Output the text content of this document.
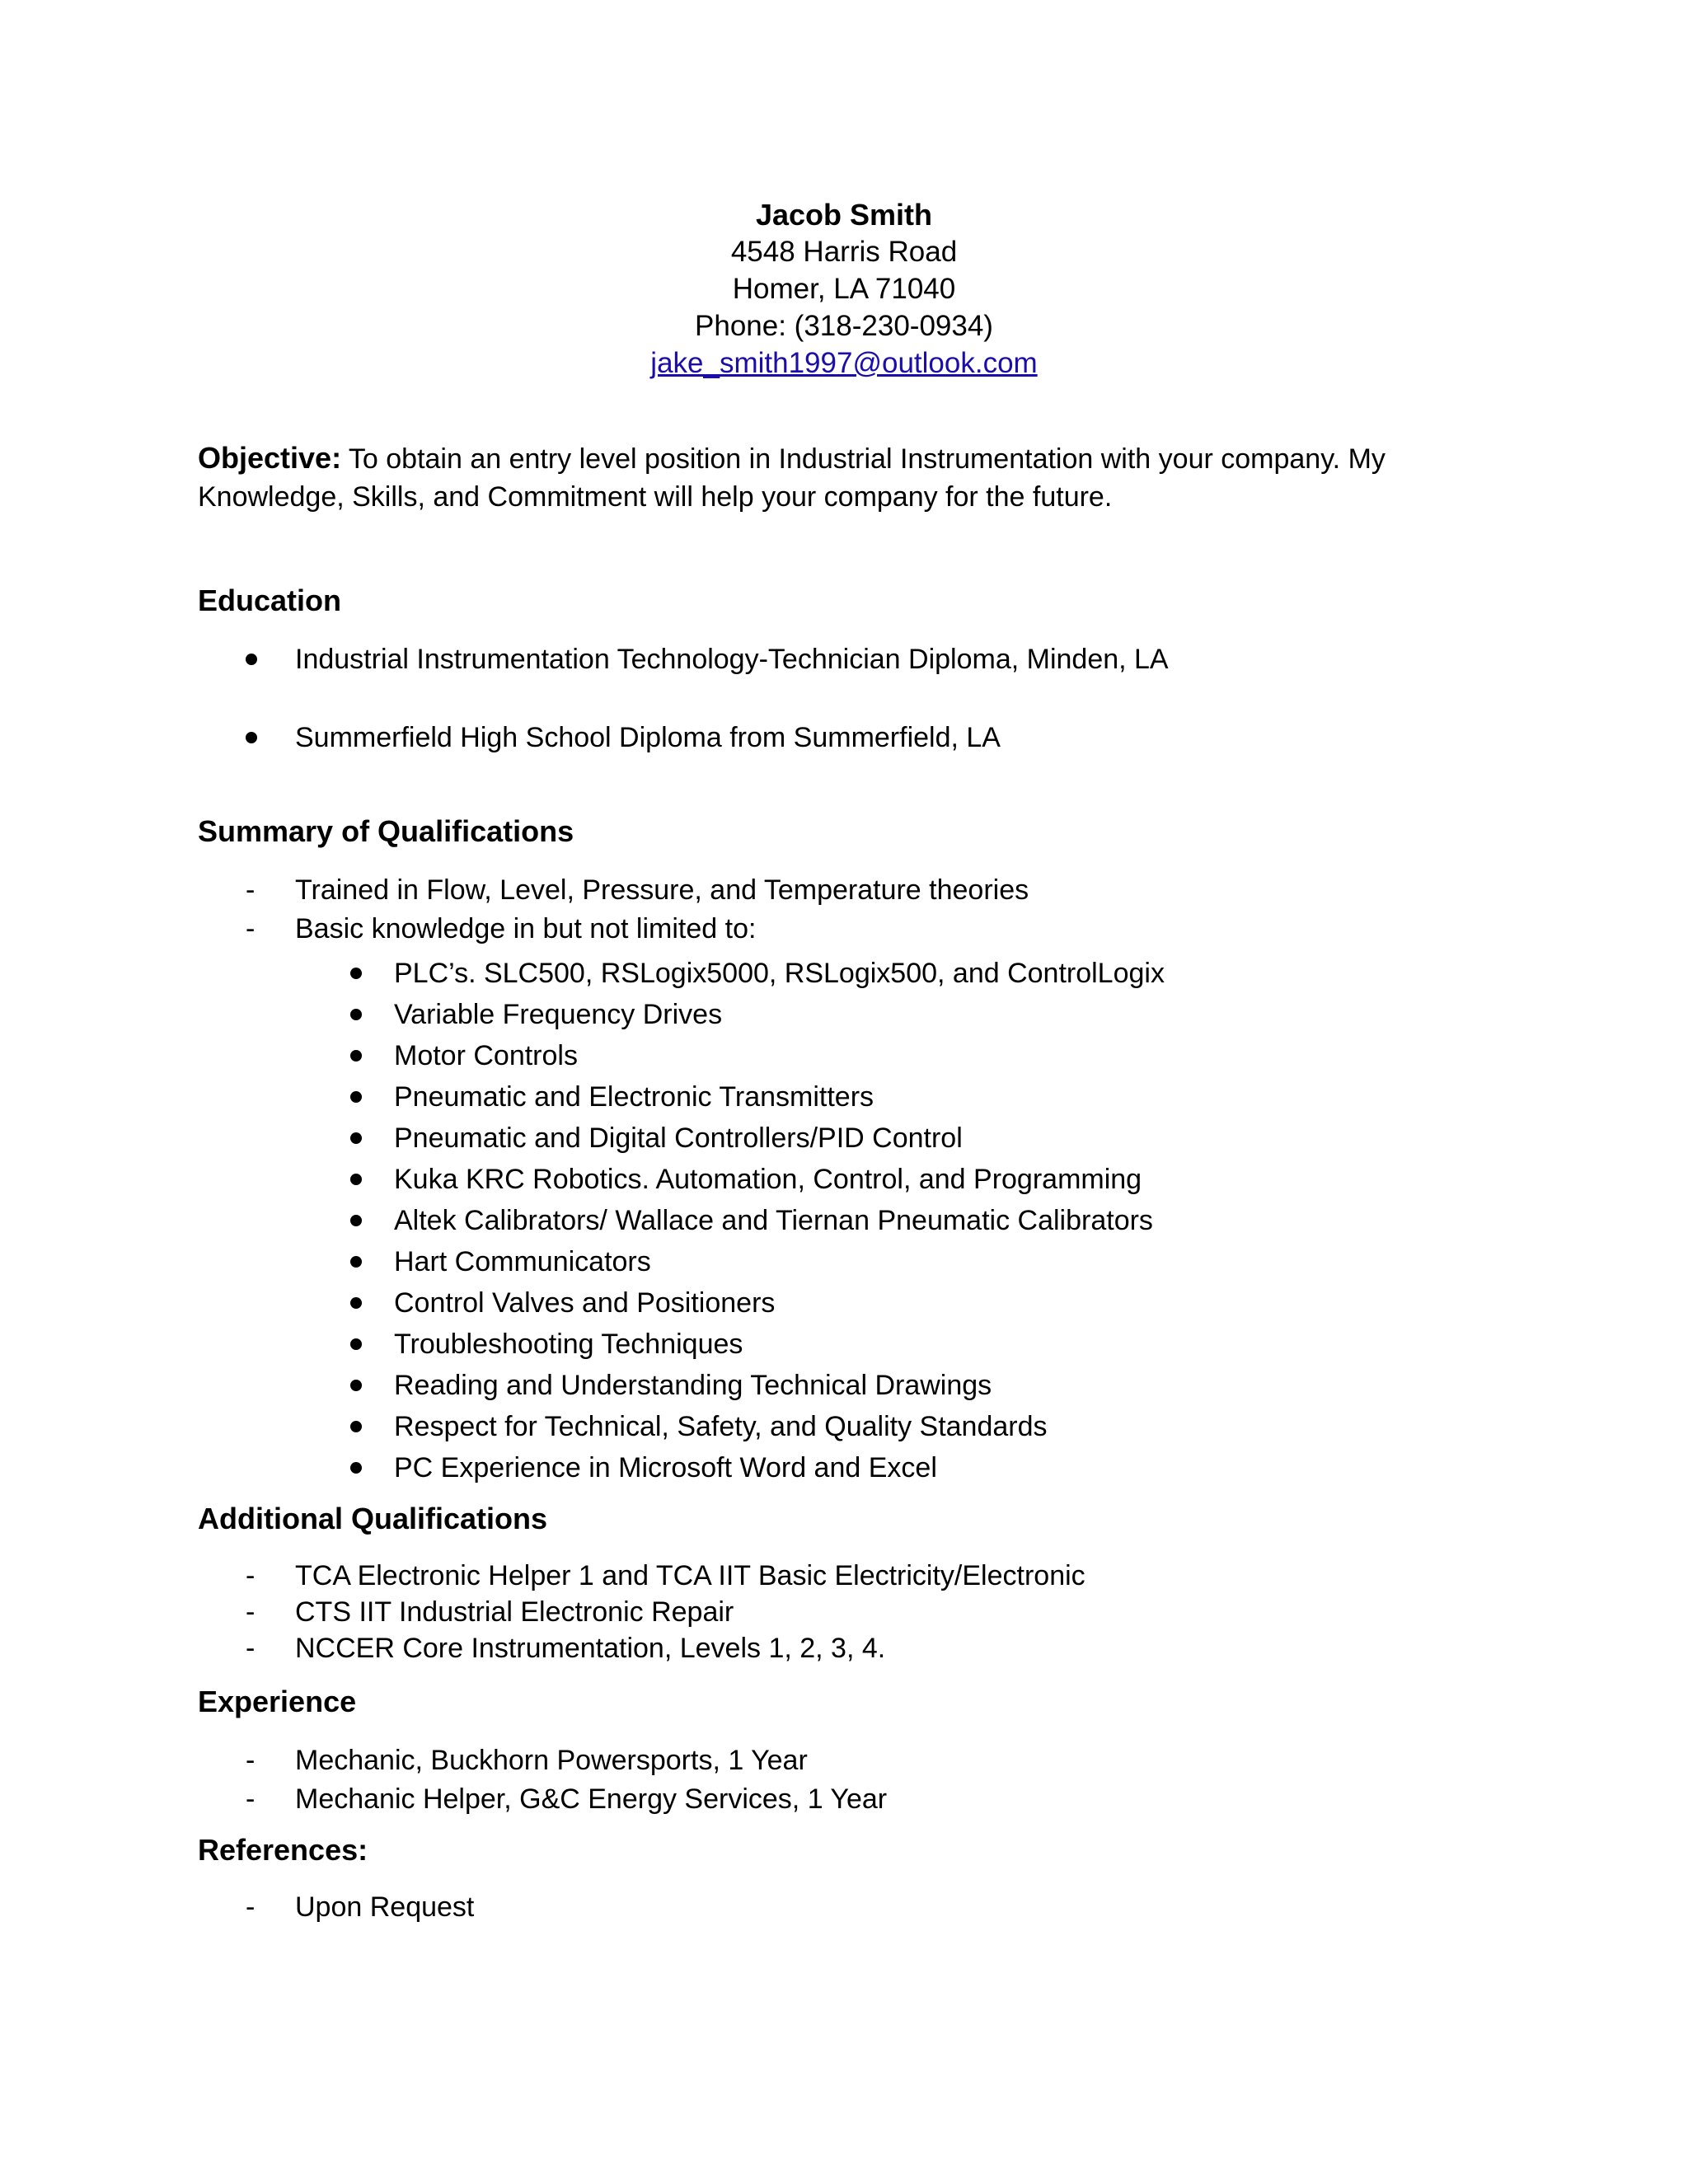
Jacob Smith
4548 Harris Road
Homer, LA 71040
Phone: (318-230-0934)
jake_smith1997@outlook.com
Objective: To obtain an entry level position in Industrial Instrumentation with your company. My Knowledge, Skills, and Commitment will help your company for the future.
Education
Industrial Instrumentation Technology-Technician Diploma, Minden, LA
Summerfield High School Diploma from Summerfield, LA
Summary of Qualifications
- Trained in Flow, Level, Pressure, and Temperature theories
- Basic knowledge in but not limited to:
PLC’s. SLC500, RSLogix5000, RSLogix500, and ControlLogix
Variable Frequency Drives
Motor Controls
Pneumatic and Electronic Transmitters
Pneumatic and Digital Controllers/PID Control
Kuka KRC Robotics. Automation, Control, and Programming
Altek Calibrators/ Wallace and Tiernan Pneumatic Calibrators
Hart Communicators
Control Valves and Positioners
Troubleshooting Techniques
Reading and Understanding Technical Drawings
Respect for Technical, Safety, and Quality Standards
PC Experience in Microsoft Word and Excel
Additional Qualifications
- TCA Electronic Helper 1 and TCA IIT Basic Electricity/Electronic
- CTS IIT Industrial Electronic Repair
- NCCER Core Instrumentation, Levels 1, 2, 3, 4.
Experience
- Mechanic, Buckhorn Powersports, 1 Year
- Mechanic Helper, G&C Energy Services, 1 Year
References:
- Upon Request
